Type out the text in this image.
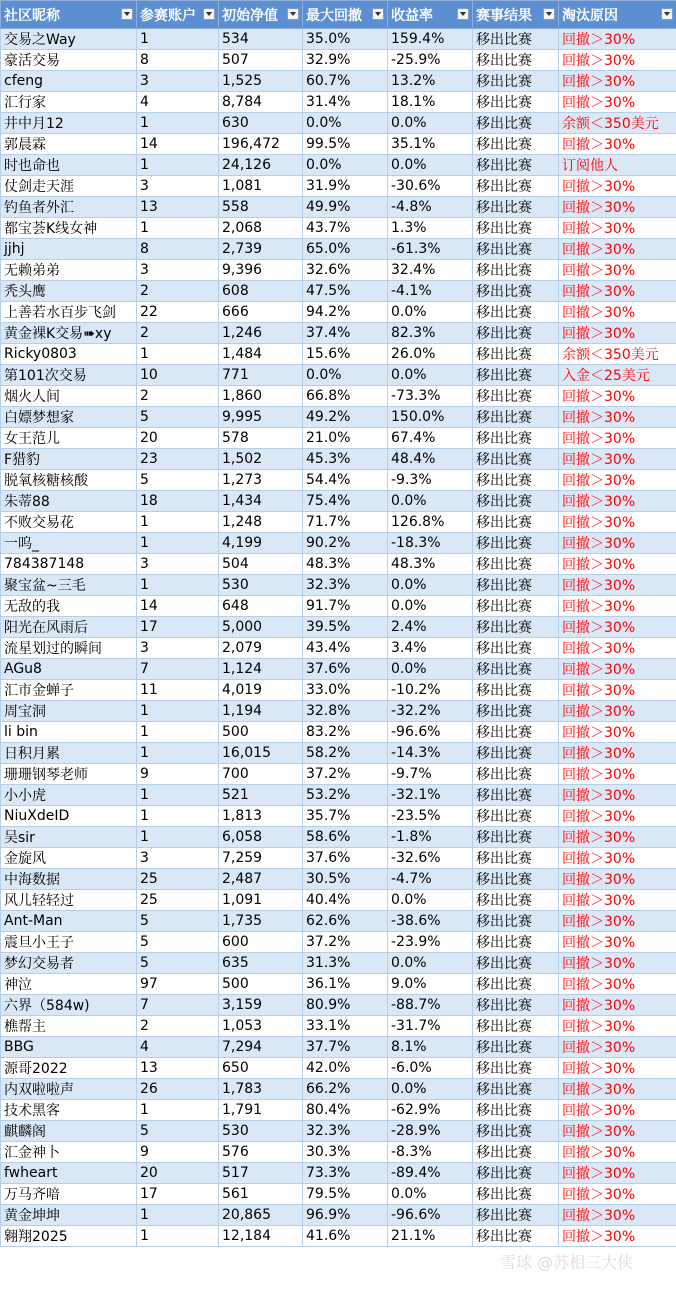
社区昵称	参赛账户	初始净值	最大回撤	收益率	赛事结果	淘汰原因

交易之Way	1	534	35.0%	159.4%	移出比赛	回撤＞30%
豪活交易	8	507	32.9%	-25.9%	移出比赛	回撤＞30%
cfeng	3	1,525	60.7%	13.2%	移出比赛	回撤＞30%
汇行家	4	8,784	31.4%	18.1%	移出比赛	回撤＞30%
井中月12	1	630	0.0%	0.0%	移出比赛	余额＜350美元
郭晨霖	14	196,472	99.5%	35.1%	移出比赛	回撤＞30%
时也命也	1	24,126	0.0%	0.0%	移出比赛	订阅他人
仗剑走天涯	3	1,081	31.9%	-30.6%	移出比赛	回撤＞30%
钓鱼者外汇	13	558	49.9%	-4.8%	移出比赛	回撤＞30%
都宝荟K线女神	1	2,068	43.7%	1.3%	移出比赛	回撤＞30%
jjhj	8	2,739	65.0%	-61.3%	移出比赛	回撤＞30%
无赖弟弟	3	9,396	32.6%	32.4%	移出比赛	回撤＞30%
秃头鹰	2	608	47.5%	-4.1%	移出比赛	回撤＞30%
上善若水百步飞剑	22	666	94.2%	0.0%	移出比赛	回撤＞30%
黄金裸K交易➠xy	2	1,246	37.4%	82.3%	移出比赛	回撤＞30%
Ricky0803	1	1,484	15.6%	26.0%	移出比赛	余额＜350美元
第101次交易	10	771	0.0%	0.0%	移出比赛	入金＜25美元
烟火人间	2	1,860	66.8%	-73.3%	移出比赛	回撤＞30%
白嫖梦想家	5	9,995	49.2%	150.0%	移出比赛	回撤＞30%
女王范儿	20	578	21.0%	67.4%	移出比赛	回撤＞30%
F猎豹	23	1,502	45.3%	48.4%	移出比赛	回撤＞30%
脱氧核糖核酸	5	1,273	54.4%	-9.3%	移出比赛	回撤＞30%
朱蒂88	18	1,434	75.4%	0.0%	移出比赛	回撤＞30%
不败交易花	1	1,248	71.7%	126.8%	移出比赛	回撤＞30%
一呜_	1	4,199	90.2%	-18.3%	移出比赛	回撤＞30%
784387148	3	504	48.3%	48.3%	移出比赛	回撤＞30%
聚宝盆~三毛	1	530	32.3%	0.0%	移出比赛	回撤＞30%
无敌的我	14	648	91.7%	0.0%	移出比赛	回撤＞30%
阳光在风雨后	17	5,000	39.5%	2.4%	移出比赛	回撤＞30%
流星划过的瞬间	3	2,079	43.4%	3.4%	移出比赛	回撤＞30%
AGu8	7	1,124	37.6%	0.0%	移出比赛	回撤＞30%
汇市金蝉子	11	4,019	33.0%	-10.2%	移出比赛	回撤＞30%
周宝洞	1	1,194	32.8%	-32.2%	移出比赛	回撤＞30%
li bin	1	500	83.2%	-96.6%	移出比赛	回撤＞30%
日积月累	1	16,015	58.2%	-14.3%	移出比赛	回撤＞30%
珊珊钢琴老师	9	700	37.2%	-9.7%	移出比赛	回撤＞30%
小小虎	1	521	53.2%	-32.1%	移出比赛	回撤＞30%
NiuXdeID	1	1,813	35.7%	-23.5%	移出比赛	回撤＞30%
吴sir	1	6,058	58.6%	-1.8%	移出比赛	回撤＞30%
金旋风	3	7,259	37.6%	-32.6%	移出比赛	回撤＞30%
中海数据	25	2,487	30.5%	-4.7%	移出比赛	回撤＞30%
风儿轻轻过	25	1,091	40.4%	0.0%	移出比赛	回撤＞30%
Ant-Man	5	1,735	62.6%	-38.6%	移出比赛	回撤＞30%
震旦小王子	5	600	37.2%	-23.9%	移出比赛	回撤＞30%
梦幻交易者	5	635	31.3%	0.0%	移出比赛	回撤＞30%
神泣	97	500	36.1%	9.0%	移出比赛	回撤＞30%
六界（584w)	7	3,159	80.9%	-88.7%	移出比赛	回撤＞30%
樵帮主	2	1,053	33.1%	-31.7%	移出比赛	回撤＞30%
BBG	4	7,294	37.7%	8.1%	移出比赛	回撤＞30%
源哥2022	13	650	42.0%	-6.0%	移出比赛	回撤＞30%
内双啦啦声	26	1,783	66.2%	0.0%	移出比赛	回撤＞30%
技术黑客	1	1,791	80.4%	-62.9%	移出比赛	回撤＞30%
麒麟阁	5	530	32.3%	-28.9%	移出比赛	回撤＞30%
汇金神卜	9	576	30.3%	-8.3%	移出比赛	回撤＞30%
fwheart	20	517	73.3%	-89.4%	移出比赛	回撤＞30%
万马齐喑	17	561	79.5%	0.0%	移出比赛	回撤＞30%
黄金坤坤	1	20,865	96.9%	-96.6%	移出比赛	回撤＞30%
翱翔2025	1	12,184	41.6%	21.1%	移出比赛	回撤＞30%
雪球 @苏相三大侠
